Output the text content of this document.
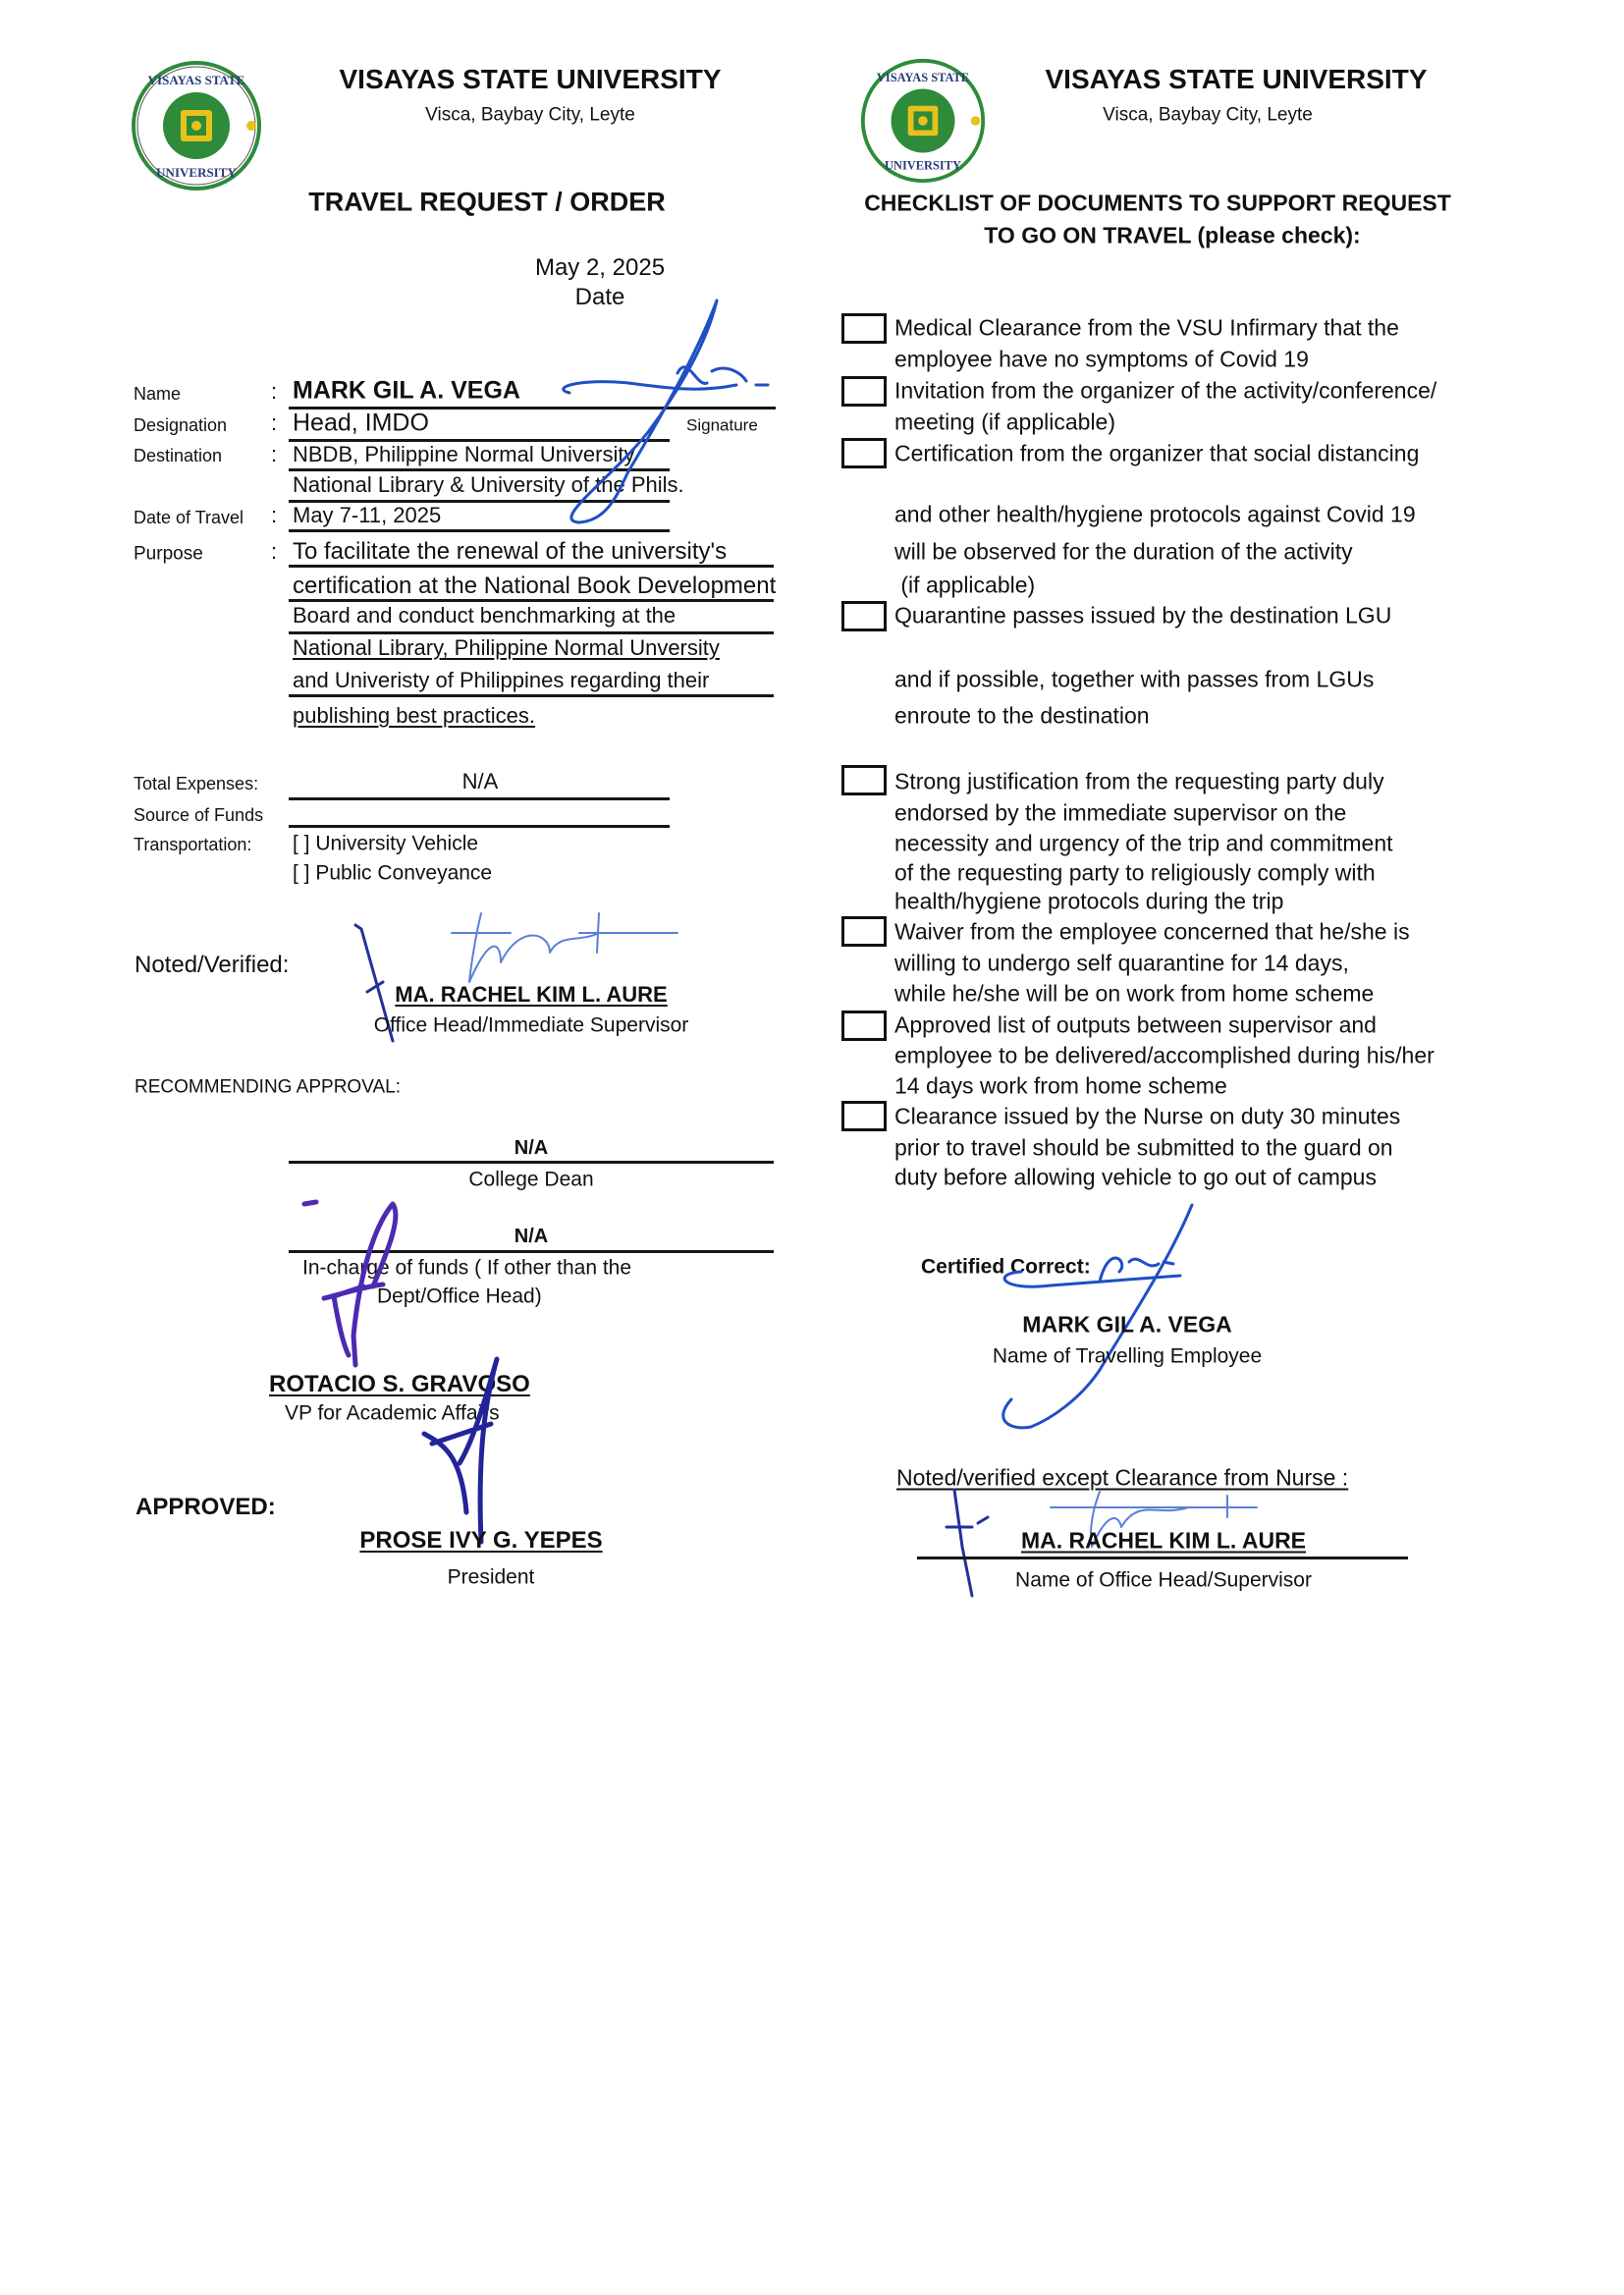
VISAYAS STATE
UNIVERSITY
VISAYAS STATE UNIVERSITY
Visca, Baybay City, Leyte
TRAVEL REQUEST / ORDER
May 2, 2025
Date
Name
Designation
Destination
Date of Travel
Purpose
:
:
:
:
:
MARK GIL A. VEGA
Head, IMDO	Signature
NBDB, Philippine Normal University
National Library & University of the Phils.
May 7-11, 2025
To facilitate the renewal of the university's
certification at the National Book Development
Board and conduct benchmarking at the
National Library, Philippine Normal Unversity
and Univeristy of Philippines regarding their
publishing best practices.
Total Expenses:	N/A
Source of Funds
Transportation: [ ] University Vehicle
[ ] Public Conveyance
Noted/Verified:
MA. RACHEL KIM L. AURE
Office Head/Immediate Supervisor
RECOMMENDING APPROVAL:
N/A
College Dean
N/A
In-charge of funds ( If other than the
Dept/Office Head)
ROTACIO S. GRAVOSO
VP for Academic Affairs
APPROVED:
PROSE IVY G. YEPES
President
VISAYAS STATE
UNIVERSITY
VISAYAS STATE UNIVERSITY
Visca, Baybay City, Leyte
CHECKLIST OF DOCUMENTS TO SUPPORT REQUEST
TO GO ON TRAVEL (please check):
Medical Clearance from the VSU Infirmary that the
employee have no symptoms of Covid 19
Invitation from the organizer of the activity/conference/
meeting (if applicable)
Certification from the organizer that social distancing
and other health/hygiene protocols against Covid 19
will be observed for the duration of the activity
(if applicable)
Quarantine passes issued by the destination LGU
and if possible, together with passes from LGUs
enroute to the destination
Strong justification from the requesting party duly
endorsed by the immediate supervisor on the
necessity and urgency of the trip and commitment
of the requesting party to religiously comply with
health/hygiene protocols during the trip
Waiver from the employee concerned that he/she is
willing to undergo self quarantine for 14 days,
while he/she will be on work from home scheme
Approved list of outputs between supervisor and
employee to be delivered/accomplished during his/her
14 days work from home scheme
Clearance issued by the Nurse on duty 30 minutes
prior to travel should be submitted to the guard on
duty before allowing vehicle to go out of campus
Certified Correct:
MARK GIL A. VEGA
Name of Travelling Employee
Noted/verified except Clearance from Nurse :
MA. RACHEL KIM L. AURE
Name of Office Head/Supervisor
